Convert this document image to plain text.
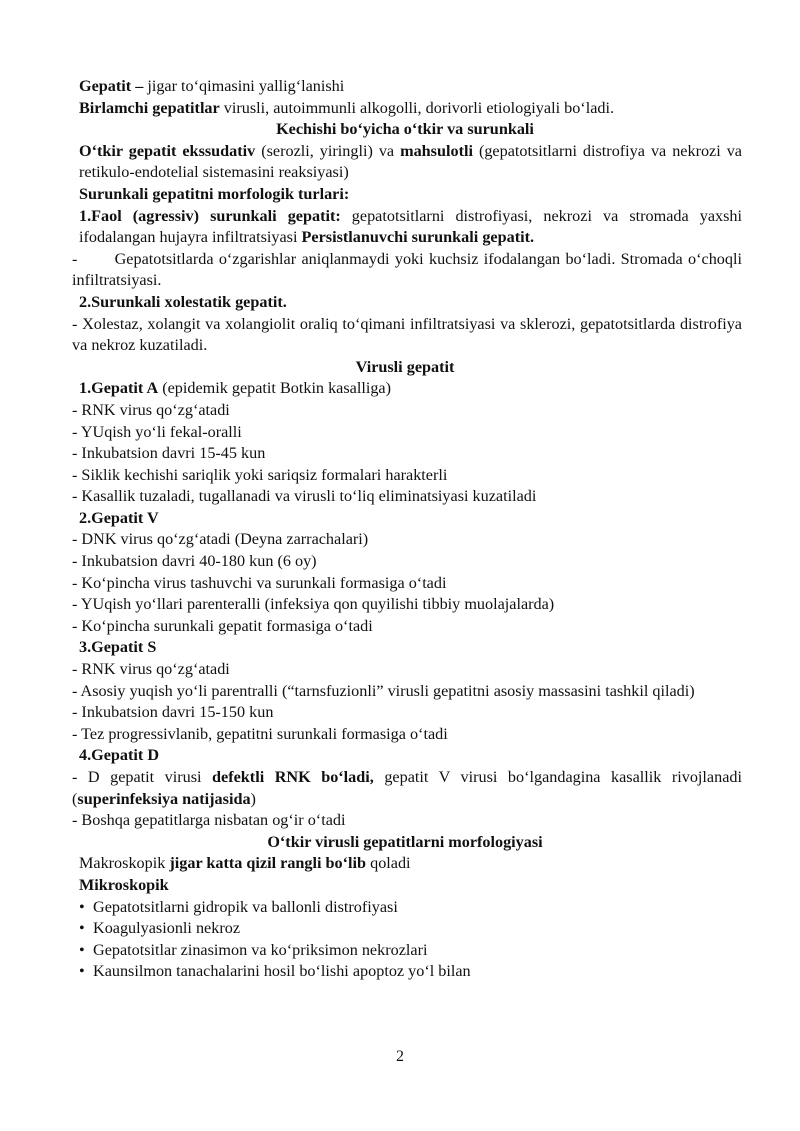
Gepatit – jigar to‘qimasini yallig‘lanishi

Birlamchi gepatitlar virusli, autoimmunli alkogolli, dorivorli etiologiyali bo‘ladi.

Kechishi bo‘yicha o‘tkir va surunkali

O‘tkir gepatit ekssudativ (serozli, yiringli) va mahsulotli (gepatotsitlarni distrofiya va nekrozi va retikulo-endotelial sistemasini reaksiyasi)

Surunkali gepatitni morfologik turlari:

1.Faol (agressiv) surunkali gepatit: gepatotsitlarni distrofiyasi, nekrozi va stromada yaxshi ifodalangan hujayra infiltratsiyasi Persistlanuvchi surunkali gepatit.

-       Gepatotsitlarda o‘zgarishlar aniqlanmaydi yoki kuchsiz ifodalangan bo‘ladi. Stromada o‘choqli infiltratsiyasi.

2.Surunkali xolestatik gepatit.

- Xolestaz, xolangit va xolangiolit oraliq to‘qimani infiltratsiyasi va sklerozi, gepatotsitlarda distrofiya va nekroz kuzatiladi.

Virusli gepatit

1.Gepatit A (epidemik gepatit Botkin kasalliga)

- RNK virus qo‘zg‘atadi

- YUqish yo‘li fekal-oralli

- Inkubatsion davri 15-45 kun

- Siklik kechishi sariqlik yoki sariqsiz formalari harakterli

- Kasallik tuzaladi, tugallanadi va virusli to‘liq eliminatsiyasi kuzatiladi

2.Gepatit V

- DNK virus qo‘zg‘atadi (Deyna zarrachalari)

- Inkubatsion davri 40-180 kun (6 oy)

- Ko‘pincha virus tashuvchi va surunkali formasiga o‘tadi

- YUqish yo‘llari parenteralli (infeksiya qon quyilishi tibbiy muolajalarda)

- Ko‘pincha surunkali gepatit formasiga o‘tadi

3.Gepatit S

- RNK virus qo‘zg‘atadi

- Asosiy yuqish yo‘li parentralli (“tarnsfuzionli” virusli gepatitni asosiy massasini tashkil qiladi)

- Inkubatsion davri 15-150 kun

- Tez progressivlanib, gepatitni surunkali formasiga o‘tadi

4.Gepatit D

- D gepatit virusi defektli RNK bo‘ladi, gepatit V virusi bo‘lgandagina kasallik rivojlanadi (superinfeksiya natijasida)

- Boshqa gepatitlarga nisbatan og‘ir o‘tadi

O‘tkir virusli gepatitlarni morfologiyasi

Makroskopik jigar katta qizil rangli bo‘lib qoladi

Mikroskopik

• Gepatotsitlarni gidropik va ballonli distrofiyasi
• Koagulyasionli nekroz
• Gepatotsitlar zinasimon va ko‘priksimon nekrozlari
• Kaunsilmon tanachalarini hosil bo‘lishi apoptoz yo‘l bilan
2
